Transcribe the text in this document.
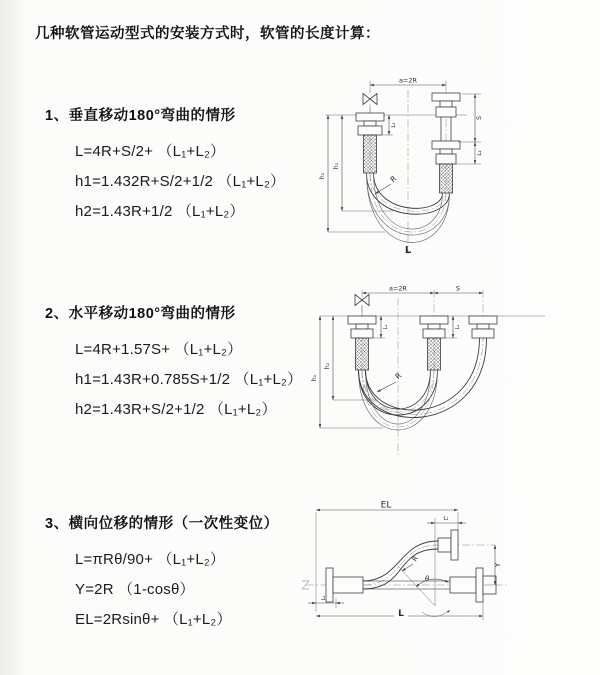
几种软管运动型式的安装方式时，软管的长度计算：
1、垂直移动180°弯曲的情形
L=4R+S/2+ （L₁+L₂）
h1=1.432R+S/2+1/2 （L₁+L₂）
h2=1.43R+1/2 （L₁+L₂）
2、水平移动180°弯曲的情形
L=4R+1.57S+ （L₁+L₂）
h1=1.43R+0.785S+1/2 （L₁+L₂）
h2=1.43R+S/2+1/2 （L₁+L₂）
3、横向位移的情形（一次性变位）
L=πRθ/90+ （L₁+L₂）
Y=2R （1-cosθ）
EL=2Rsinθ+ （L₁+L₂）
a=2R
L₁
S
L₂
h₂
h₁	R
L
a=2R	S
L₁	L₂
h₂
h₁	R
EL
L₁
R
θ
Y
L₁
L
